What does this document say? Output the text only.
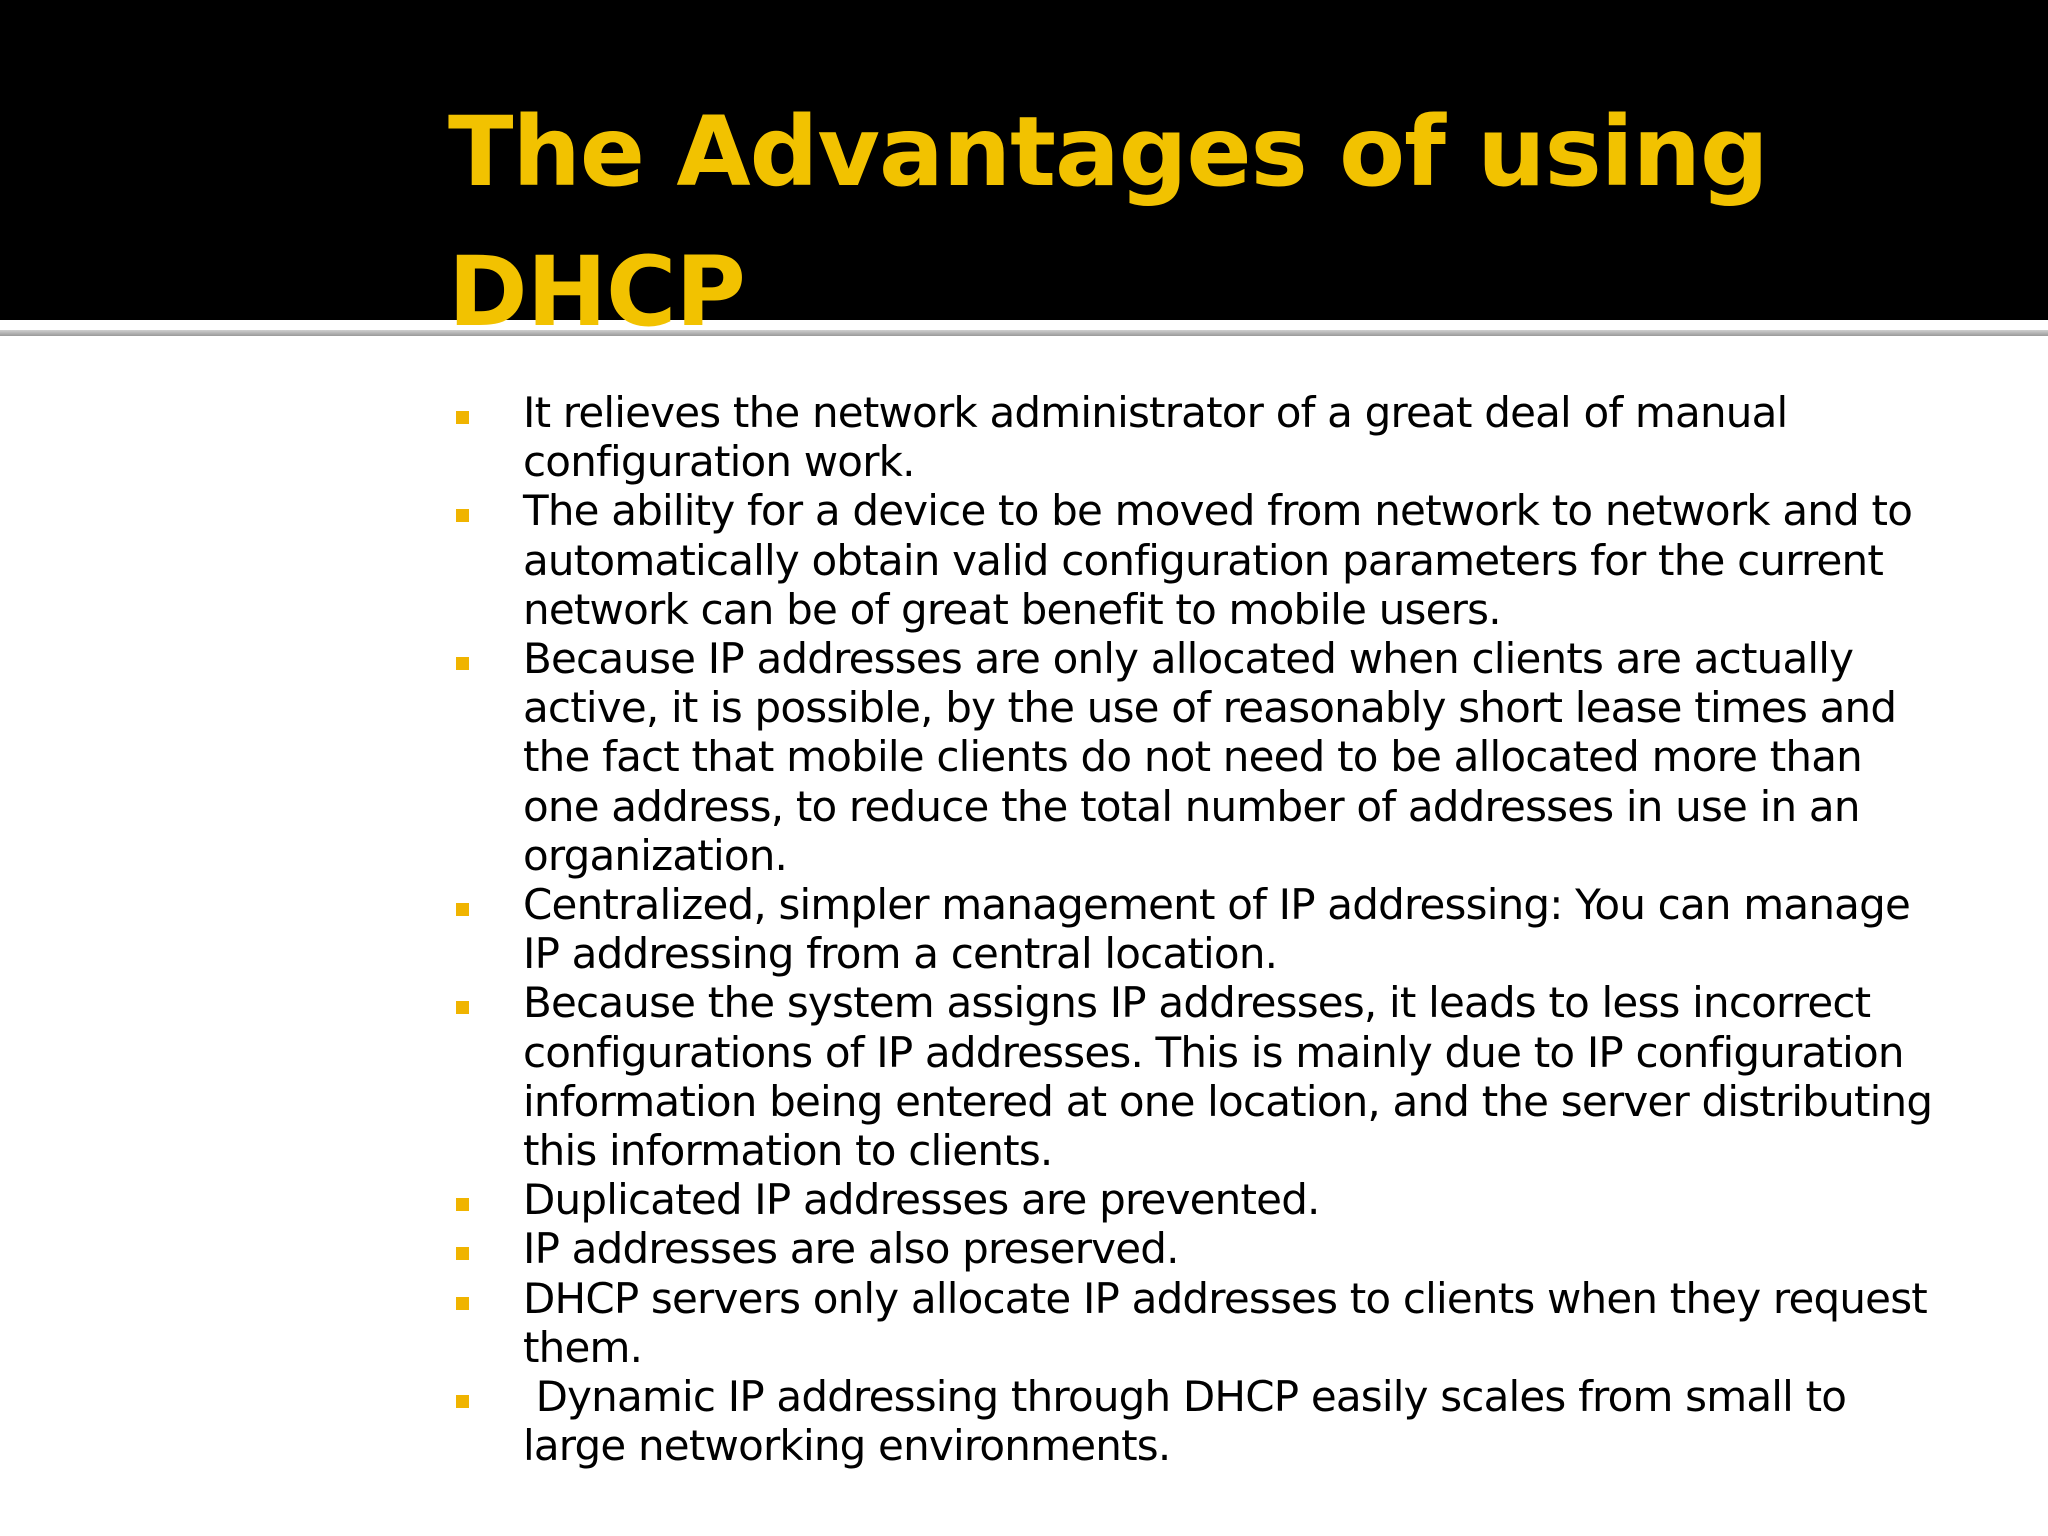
The Advantages of using DHCP
It relieves the network administrator of a great deal of manual configuration work.
The ability for a device to be moved from network to network and to automatically obtain valid configuration parameters for the current network can be of great benefit to mobile users.
Because IP addresses are only allocated when clients are actually active, it is possible, by the use of reasonably short lease times and the fact that mobile clients do not need to be allocated more than one address, to reduce the total number of addresses in use in an organization.
Centralized, simpler management of IP addressing: You can manage IP addressing from a central location.
Because the system assigns IP addresses, it leads to less incorrect configurations of IP addresses. This is mainly due to IP configuration information being entered at one location, and the server distributing this information to clients.
Duplicated IP addresses are prevented.
IP addresses are also preserved.
DHCP servers only allocate IP addresses to clients when they request them.
Dynamic IP addressing through DHCP easily scales from small to large networking environments.
